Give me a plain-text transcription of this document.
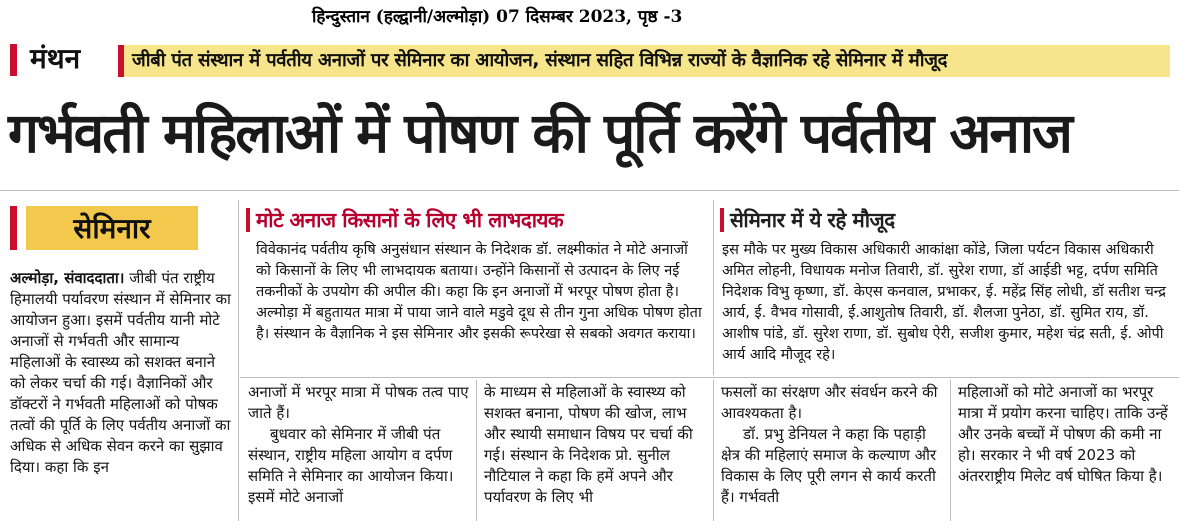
हिन्दुस्तान (हल्द्वानी/अल्मोड़ा) 07 दिसम्बर 2023, पृष्ठ -3
मंथन	जीबी पंत संस्थान में पर्वतीय अनाजों पर सेमिनार का आयोजन, संस्थान सहित विभिन्न राज्यों के वैज्ञानिक रहे सेमिनार में मौजूद
गर्भवती महिलाओं में पोषण की पूर्ति करेंगे पर्वतीय अनाज
सेमिनार

अल्मोड़ा, संवाददाता। जीबी पंत राष्ट्रीय हिमालयी पर्यावरण संस्थान में सेमिनार का आयोजन हुआ। इसमें पर्वतीय यानी मोटे अनाजों से गर्भवती और सामान्य महिलाओं के स्वास्थ्य को सशक्त बनाने को लेकर चर्चा की गई। वैज्ञानिकों और डॉक्टरों ने गर्भवती महिलाओं को पोषक तत्वों की पूर्ति के लिए पर्वतीय अनाजों का अधिक से अधिक सेवन करने का सुझाव दिया। कहा कि इन

मोटे अनाज किसानों के लिए भी लाभदायक
विवेकानंद पर्वतीय कृषि अनुसंधान संस्थान के निदेशक डॉ. लक्ष्मीकांत ने मोटे अनाजों को किसानों के लिए भी लाभदायक बताया। उन्होंने किसानों से उत्पादन के लिए नई तकनीकों के उपयोग की अपील की। कहा कि इन अनाजों में भरपूर पोषण होता है। अल्मोड़ा में बहुतायत मात्रा में पाया जाने वाले मडुवे दूध से तीन गुना अधिक पोषण होता है। संस्थान के वैज्ञानिक ने इस सेमिनार और इसकी रूपरेखा से सबको अवगत कराया।
सेमिनार में ये रहे मौजूद
इस मौके पर मुख्य विकास अधिकारी आकांक्षा कोंडे, जिला पर्यटन विकास अधिकारी अमित लोहनी, विधायक मनोज तिवारी, डॉ. सुरेश राणा, डॉ आईडी भट्ट, दर्पण समिति निदेशक विभु कृष्णा, डॉ. केएस कनवाल, प्रभाकर, ई. महेंद्र सिंह लोधी, डॉ सतीश चन्द्र आर्य, ई. वैभव गोसावी, ई.आशुतोष तिवारी, डॉ. शैलजा पुनेठा, डॉ. सुमित राय, डॉ. आशीष पांडे, डॉ. सुरेश राणा, डॉ. सुबोध ऐरी, सजीश कुमार, महेश चंद्र सती, ई. ओपी आर्य आदि मौजूद रहे।

अनाजों में भरपूर मात्रा में पोषक तत्व पाए जाते हैं।

बुधवार को सेमिनार में जीबी पंत संस्थान, राष्ट्रीय महिला आयोग व दर्पण समिति ने सेमिनार का आयोजन किया। इसमें मोटे अनाजों

के माध्यम से महिलाओं के स्वास्थ्य को सशक्त बनाना, पोषण की खोज, लाभ और स्थायी समाधान विषय पर चर्चा की गई। संस्थान के निदेशक प्रो. सुनील नौटियाल ने कहा कि हमें अपने और पर्यावरण के लिए भी

फसलों का संरक्षण और संवर्धन करने की आवश्यकता है।

डॉ. प्रभु डेनियल ने कहा कि पहाड़ी क्षेत्र की महिलाएं समाज के कल्याण और विकास के लिए पूरी लगन से कार्य करती हैं। गर्भवती

महिलाओं को मोटे अनाजों का भरपूर मात्रा में प्रयोग करना चाहिए। ताकि उन्हें और उनके बच्चों में पोषण की कमी ना हो। सरकार ने भी वर्ष 2023 को अंतरराष्ट्रीय मिलेट वर्ष घोषित किया है।
